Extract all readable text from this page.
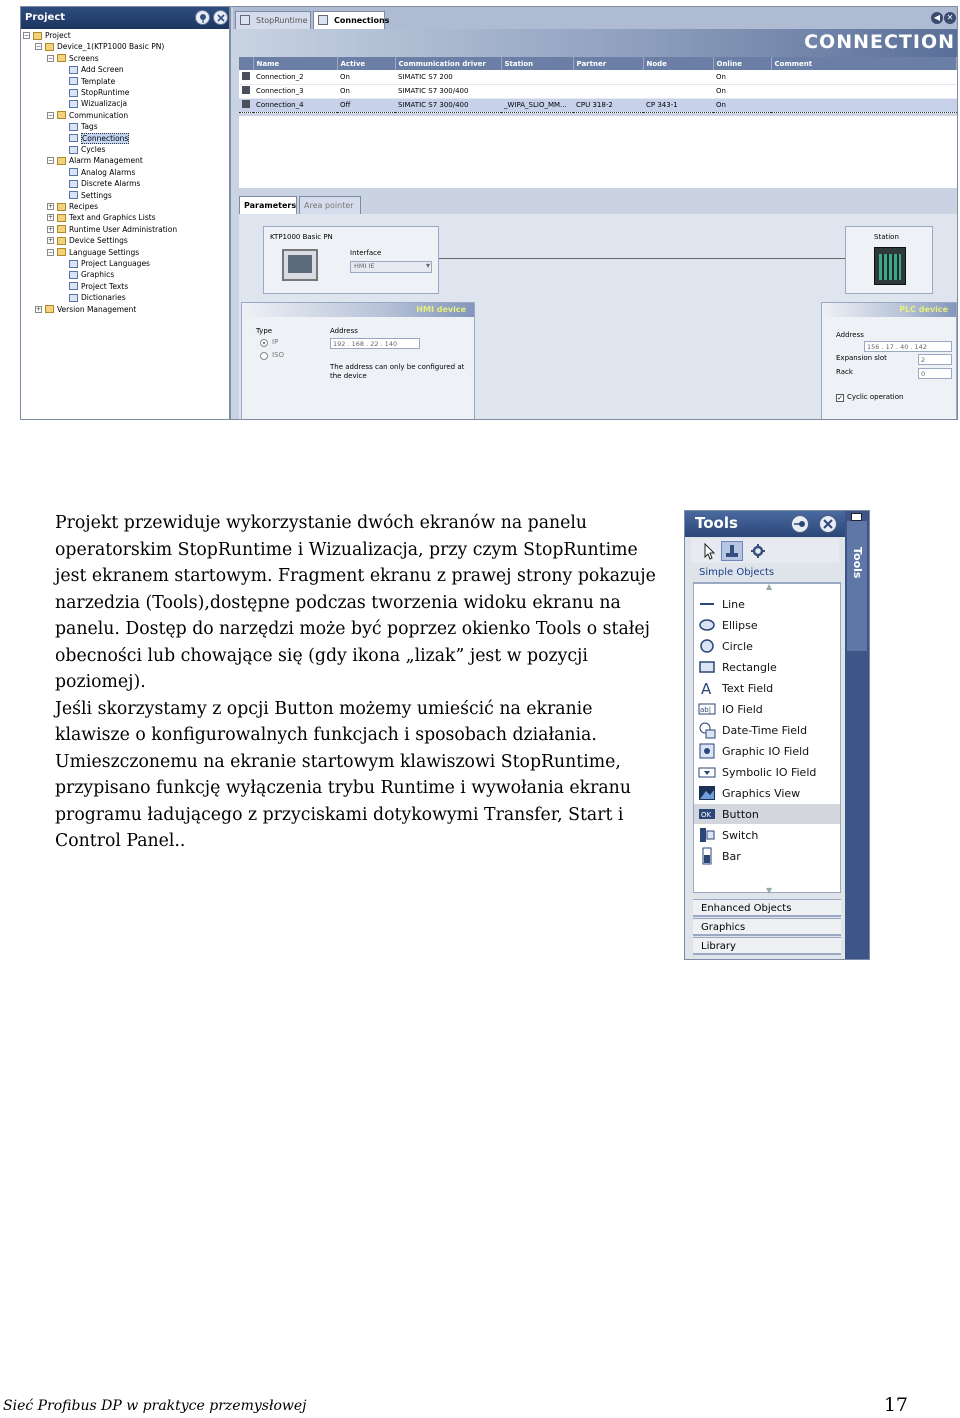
Project
− Project
− Device_1(KTP1000 Basic PN)
− Screens
Add Screen
Template
StopRuntime
Wizualizacja
− Communication
Tags
Connections
Cycles
− Alarm Management
Analog Alarms
Discrete Alarms
Settings
+ Recipes
+ Text and Graphics Lists
+ Runtime User Administration
+ Device Settings
− Language Settings
Project Languages
Graphics
Project Texts
Dictionaries
+ Version Management
StopRuntime	Connections	◀ ✕
CONNECTION
	Name	Active	Communication driver	Station	Partner	Node	Online	Comment
	Connection_2	On	SIMATIC S7 200				On	
	Connection_3	On	SIMATIC S7 300/400				On	
	Connection_4	Off	SIMATIC S7 300/400	_WIPA_SLIO_MM...	CPU 318-2	CP 343-1	On	
Parameters Area pointer
KTP1000 Basic PN
Interface
HMI IE ▾
Station
HMI device
Type
IP
ISO
Address
192 . 168 . 22 . 140
The address can only be configured at the device
PLC device
Address
156 . 17 . 40 . 142
Expansion slot	2
Rack	0
✓ Cyclic operation

Projekt przewiduje wykorzystanie dwóch ekranów na panelu operatorskim StopRuntime i Wizualizacja, przy czym StopRuntime jest ekranem startowym. Fragment ekranu z prawej strony pokazuje narzedzia (Tools),dostępne podczas tworzenia widoku ekranu na panelu. Dostęp do narzędzi może być poprzez okienko Tools o stałej obecności lub chowające się (gdy ikona „lizak” jest w pozycji poziomej).

Jeśli skorzystamy z opcji Button możemy umieścić na ekranie klawisze o konfigurowalnych funkcjach i sposobach działania. Umieszczonemu na ekranie startowym klawiszowi StopRuntime, przypisano funkcję wyłączenia trybu Runtime i wywołania ekranu programu ładującego z przyciskami dotykowymi Transfer, Start i Control Panel..

Tools
Tools
Simple Objects
▲
▼
Line
Ellipse
Circle
Rectangle
A Text Field
ab| IO Field
Date-Time Field
Graphic IO Field
Symbolic IO Field
Graphics View
OK Button
Switch
Bar
Enhanced Objects
Graphics
Library
Sieć Profibus DP w praktyce przemysłowej	17
